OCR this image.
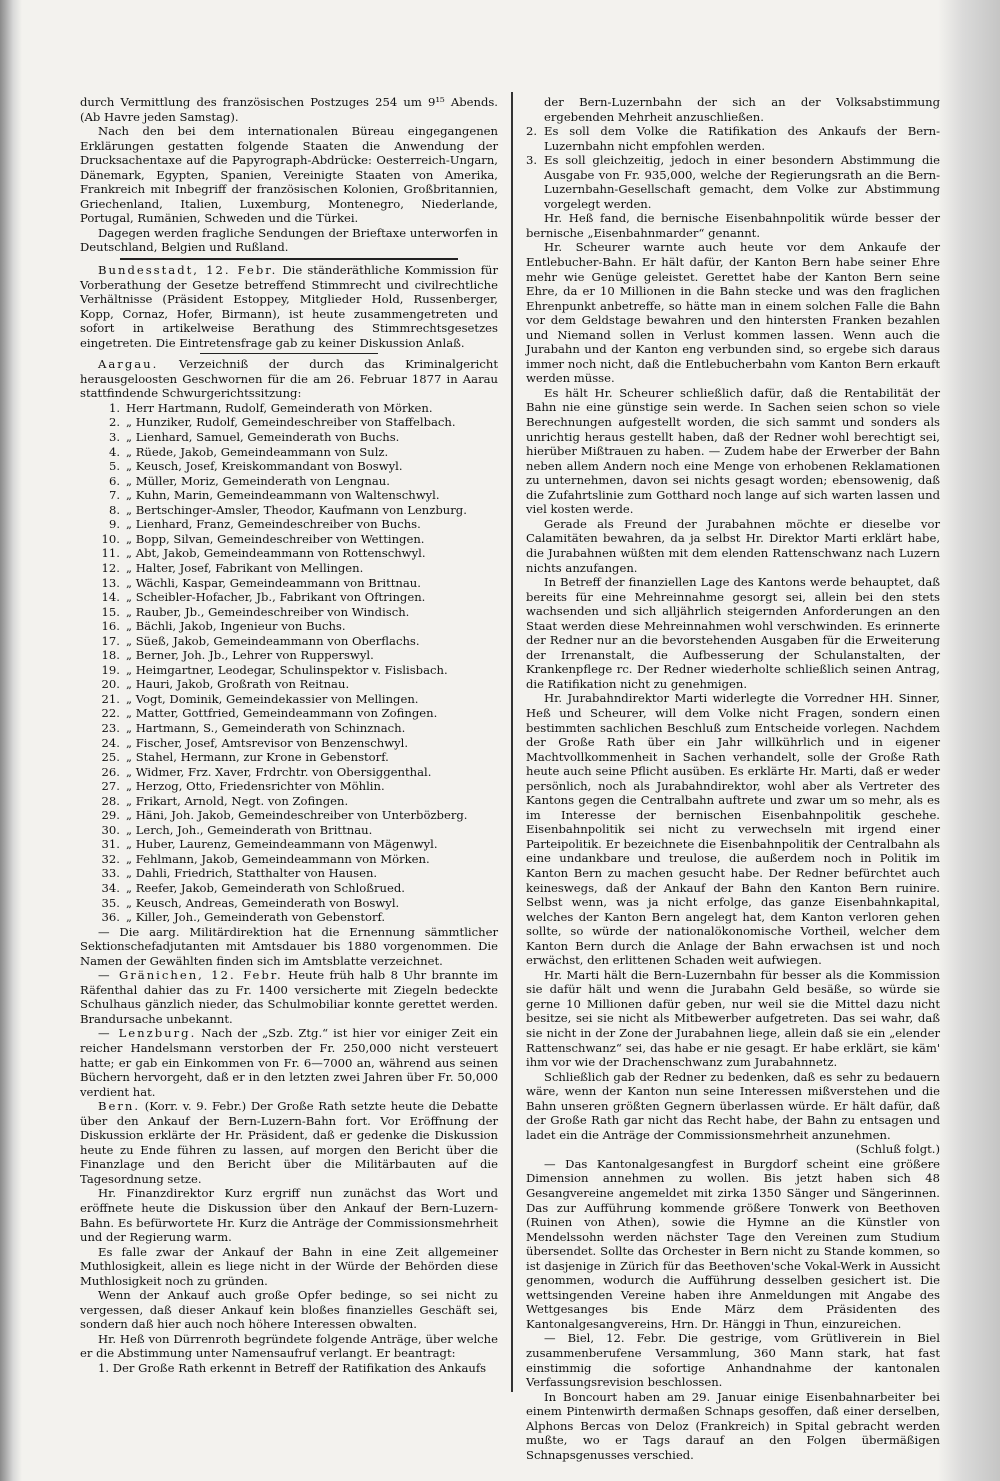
durch Vermittlung des französischen Postzuges 254 um 9¹⁵ Abends. (Ab Havre jeden Samstag).

Nach den bei dem internationalen Büreau eingegangenen Erklärungen gestatten folgende Staaten die Anwendung der Drucksachentaxe auf die Papyrograph-Abdrücke: Oesterreich-Ungarn, Dänemark, Egypten, Spanien, Vereinigte Staaten von Amerika, Frankreich mit Inbegriff der französischen Kolonien, Großbritannien, Griechenland, Italien, Luxemburg, Montenegro, Niederlande, Portugal, Rumänien, Schweden und die Türkei.

Dagegen werden fragliche Sendungen der Brieftaxe unterworfen in Deutschland, Belgien und Rußland.

Bundesstadt, 12. Febr. Die ständeräthliche Kommission für Vorberathung der Gesetze betreffend Stimmrecht und civilrechtliche Verhältnisse (Präsident Estoppey, Mitglieder Hold, Russenberger, Kopp, Cornaz, Hofer, Birmann), ist heute zusammengetreten und sofort in artikelweise Berathung des Stimmrechtsgesetzes eingetreten. Die Eintretensfrage gab zu keiner Diskussion Anlaß.

Aargau. Verzeichniß der durch das Kriminalgericht herausgeloosten Geschwornen für die am 26. Februar 1877 in Aarau stattfindende Schwurgerichtssitzung:

1. Herr Hartmann, Rudolf, Gemeinderath von Mörken.
2. „ Hunziker, Rudolf, Gemeindeschreiber von Staffelbach.
3. „ Lienhard, Samuel, Gemeinderath von Buchs.
4. „ Rüede, Jakob, Gemeindeammann von Sulz.
5. „ Keusch, Josef, Kreiskommandant von Boswyl.
6. „ Müller, Moriz, Gemeinderath von Lengnau.
7. „ Kuhn, Marin, Gemeindeammann von Waltenschwyl.
8. „ Bertschinger-Amsler, Theodor, Kaufmann von Lenzburg.
9. „ Lienhard, Franz, Gemeindeschreiber von Buchs.
10. „ Bopp, Silvan, Gemeindeschreiber von Wettingen.
11. „ Abt, Jakob, Gemeindeammann von Rottenschwyl.
12. „ Halter, Josef, Fabrikant von Mellingen.
13. „ Wächli, Kaspar, Gemeindeammann von Brittnau.
14. „ Scheibler-Hofacher, Jb., Fabrikant von Oftringen.
15. „ Rauber, Jb., Gemeindeschreiber von Windisch.
16. „ Bächli, Jakob, Ingenieur von Buchs.
17. „ Süeß, Jakob, Gemeindeammann von Oberflachs.
18. „ Berner, Joh. Jb., Lehrer von Rupperswyl.
19. „ Heimgartner, Leodegar, Schulinspektor v. Fislisbach.
20. „ Hauri, Jakob, Großrath von Reitnau.
21. „ Vogt, Dominik, Gemeindekassier von Mellingen.
22. „ Matter, Gottfried, Gemeindeammann von Zofingen.
23. „ Hartmann, S., Gemeinderath von Schinznach.
24. „ Fischer, Josef, Amtsrevisor von Benzenschwyl.
25. „ Stahel, Hermann, zur Krone in Gebenstorf.
26. „ Widmer, Frz. Xaver, Frdrchtr. von Obersiggenthal.
27. „ Herzog, Otto, Friedensrichter von Möhlin.
28. „ Frikart, Arnold, Negt. von Zofingen.
29. „ Häni, Joh. Jakob, Gemeindeschreiber von Unterbözberg.
30. „ Lerch, Joh., Gemeinderath von Brittnau.
31. „ Huber, Laurenz, Gemeindeammann von Mägenwyl.
32. „ Fehlmann, Jakob, Gemeindeammann von Mörken.
33. „ Dahli, Friedrich, Statthalter von Hausen.
34. „ Reefer, Jakob, Gemeinderath von Schloßrued.
35. „ Keusch, Andreas, Gemeinderath von Boswyl.
36. „ Killer, Joh., Gemeinderath von Gebenstorf.

— Die aarg. Militärdirektion hat die Ernennung sämmtlicher Sektionschefadjutanten mit Amtsdauer bis 1880 vorgenommen. Die Namen der Gewählten finden sich im Amtsblatte verzeichnet.

— Gränichen, 12. Febr. Heute früh halb 8 Uhr brannte im Räfenthal dahier das zu Fr. 1400 versicherte mit Ziegeln bedeckte Schulhaus gänzlich nieder, das Schulmobiliar konnte gerettet werden. Brandursache unbekannt.

— Lenzburg. Nach der „Szb. Ztg.“ ist hier vor einiger Zeit ein reicher Handelsmann verstorben der Fr. 250,000 nicht versteuert hatte; er gab ein Einkommen von Fr. 6—7000 an, während aus seinen Büchern hervorgeht, daß er in den letzten zwei Jahren über Fr. 50,000 verdient hat.

Bern. (Korr. v. 9. Febr.) Der Große Rath setzte heute die Debatte über den Ankauf der Bern-Luzern-Bahn fort. Vor Eröffnung der Diskussion erklärte der Hr. Präsident, daß er gedenke die Diskussion heute zu Ende führen zu lassen, auf morgen den Bericht über die Finanzlage und den Bericht über die Militärbauten auf die Tagesordnung setze.

Hr. Finanzdirektor Kurz ergriff nun zunächst das Wort und eröffnete heute die Diskussion über den Ankauf der Bern-Luzern-Bahn. Es befürwortete Hr. Kurz die Anträge der Commissionsmehrheit und der Regierung warm.

Es falle zwar der Ankauf der Bahn in eine Zeit allgemeiner Muthlosigkeit, allein es liege nicht in der Würde der Behörden diese Muthlosigkeit noch zu gründen.

Wenn der Ankauf auch große Opfer bedinge, so sei nicht zu vergessen, daß dieser Ankauf kein bloßes finanzielles Geschäft sei, sondern daß hier auch noch höhere Interessen obwalten.

Hr. Heß von Dürrenroth begründete folgende Anträge, über welche er die Abstimmung unter Namensaufruf verlangt. Er beantragt:

1. Der Große Rath erkennt in Betreff der Ratifikation des Ankaufs

der Bern-Luzernbahn der sich an der Volksabstimmung ergebenden Mehrheit anzuschließen.

2. Es soll dem Volke die Ratifikation des Ankaufs der Bern-Luzernbahn nicht empfohlen werden.
3. Es soll gleichzeitig, jedoch in einer besondern Abstimmung die Ausgabe von Fr. 935,000, welche der Regierungsrath an die Bern-Luzernbahn-Gesellschaft gemacht, dem Volke zur Abstimmung vorgelegt werden.

Hr. Heß fand, die bernische Eisenbahnpolitik würde besser der bernische „Eisenbahnmarder“ genannt.

Hr. Scheurer warnte auch heute vor dem Ankaufe der Entlebucher-Bahn. Er hält dafür, der Kanton Bern habe seiner Ehre mehr wie Genüge geleistet. Gerettet habe der Kanton Bern seine Ehre, da er 10 Millionen in die Bahn stecke und was den fraglichen Ehrenpunkt anbetreffe, so hätte man in einem solchen Falle die Bahn vor dem Geldstage bewahren und den hintersten Franken bezahlen und Niemand sollen in Verlust kommen lassen. Wenn auch die Jurabahn und der Kanton eng verbunden sind, so ergebe sich daraus immer noch nicht, daß die Entlebucherbahn vom Kanton Bern erkauft werden müsse.

Es hält Hr. Scheurer schließlich dafür, daß die Rentabilität der Bahn nie eine günstige sein werde. In Sachen seien schon so viele Berechnungen aufgestellt worden, die sich sammt und sonders als unrichtig heraus gestellt haben, daß der Redner wohl berechtigt sei, hierüber Mißtrauen zu haben. — Zudem habe der Erwerber der Bahn neben allem Andern noch eine Menge von erhobenen Reklamationen zu unternehmen, davon sei nichts gesagt worden; ebensowenig, daß die Zufahrtslinie zum Gotthard noch lange auf sich warten lassen und viel kosten werde.

Gerade als Freund der Jurabahnen möchte er dieselbe vor Calamitäten bewahren, da ja selbst Hr. Direktor Marti erklärt habe, die Jurabahnen wüßten mit dem elenden Rattenschwanz nach Luzern nichts anzufangen.

In Betreff der finanziellen Lage des Kantons werde behauptet, daß bereits für eine Mehreinnahme gesorgt sei, allein bei den stets wachsenden und sich alljährlich steigernden Anforderungen an den Staat werden diese Mehreinnahmen wohl verschwinden. Es erinnerte der Redner nur an die bevorstehenden Ausgaben für die Erweiterung der Irrenanstalt, die Aufbesserung der Schulanstalten, der Krankenpflege rc. Der Redner wiederholte schließlich seinen Antrag, die Ratifikation nicht zu genehmigen.

Hr. Jurabahndirektor Marti widerlegte die Vorredner HH. Sinner, Heß und Scheurer, will dem Volke nicht Fragen, sondern einen bestimmten sachlichen Beschluß zum Entscheide vorlegen. Nachdem der Große Rath über ein Jahr willkührlich und in eigener Machtvollkommenheit in Sachen verhandelt, solle der Große Rath heute auch seine Pflicht ausüben. Es erklärte Hr. Marti, daß er weder persönlich, noch als Jurabahndirektor, wohl aber als Vertreter des Kantons gegen die Centralbahn auftrete und zwar um so mehr, als es im Interesse der bernischen Eisenbahnpolitik geschehe. Eisenbahnpolitik sei nicht zu verwechseln mit irgend einer Parteipolitik. Er bezeichnete die Eisenbahnpolitik der Centralbahn als eine undankbare und treulose, die außerdem noch in Politik im Kanton Bern zu machen gesucht habe. Der Redner befürchtet auch keineswegs, daß der Ankauf der Bahn den Kanton Bern ruinire. Selbst wenn, was ja nicht erfolge, das ganze Eisenbahnkapital, welches der Kanton Bern angelegt hat, dem Kanton verloren gehen sollte, so würde der nationalökonomische Vortheil, welcher dem Kanton Bern durch die Anlage der Bahn erwachsen ist und noch erwächst, den erlittenen Schaden weit aufwiegen.

Hr. Marti hält die Bern-Luzernbahn für besser als die Kommission sie dafür hält und wenn die Jurabahn Geld besäße, so würde sie gerne 10 Millionen dafür geben, nur weil sie die Mittel dazu nicht besitze, sei sie nicht als Mitbewerber aufgetreten. Das sei wahr, daß sie nicht in der Zone der Jurabahnen liege, allein daß sie ein „elender Rattenschwanz“ sei, das habe er nie gesagt. Er habe erklärt, sie käm' ihm vor wie der Drachenschwanz zum Jurabahnnetz.

Schließlich gab der Redner zu bedenken, daß es sehr zu bedauern wäre, wenn der Kanton nun seine Interessen mißverstehen und die Bahn unseren größten Gegnern überlassen würde. Er hält dafür, daß der Große Rath gar nicht das Recht habe, der Bahn zu entsagen und ladet ein die Anträge der Commissionsmehrheit anzunehmen.

(Schluß folgt.)

— Das Kantonalgesangfest in Burgdorf scheint eine größere Dimension annehmen zu wollen. Bis jetzt haben sich 48 Gesangvereine angemeldet mit zirka 1350 Sänger und Sängerinnen. Das zur Aufführung kommende größere Tonwerk von Beethoven (Ruinen von Athen), sowie die Hymne an die Künstler von Mendelssohn werden nächster Tage den Vereinen zum Studium übersendet. Sollte das Orchester in Bern nicht zu Stande kommen, so ist dasjenige in Zürich für das Beethoven'sche Vokal-Werk in Aussicht genommen, wodurch die Aufführung desselben gesichert ist. Die wettsingenden Vereine haben ihre Anmeldungen mit Angabe des Wettgesanges bis Ende März dem Präsidenten des Kantonalgesangvereins, Hrn. Dr. Hänggi in Thun, einzureichen.

— Biel, 12. Febr. Die gestrige, vom Grütliverein in Biel zusammenberufene Versammlung, 360 Mann stark, hat fast einstimmig die sofortige Anhandnahme der kantonalen Verfassungsrevision beschlossen.

In Boncourt haben am 29. Januar einige Eisenbahnarbeiter bei einem Pintenwirth dermaßen Schnaps gesoffen, daß einer derselben, Alphons Bercas von Deloz (Frankreich) in Spital gebracht werden mußte, wo er Tags darauf an den Folgen übermäßigen Schnapsgenusses verschied.
